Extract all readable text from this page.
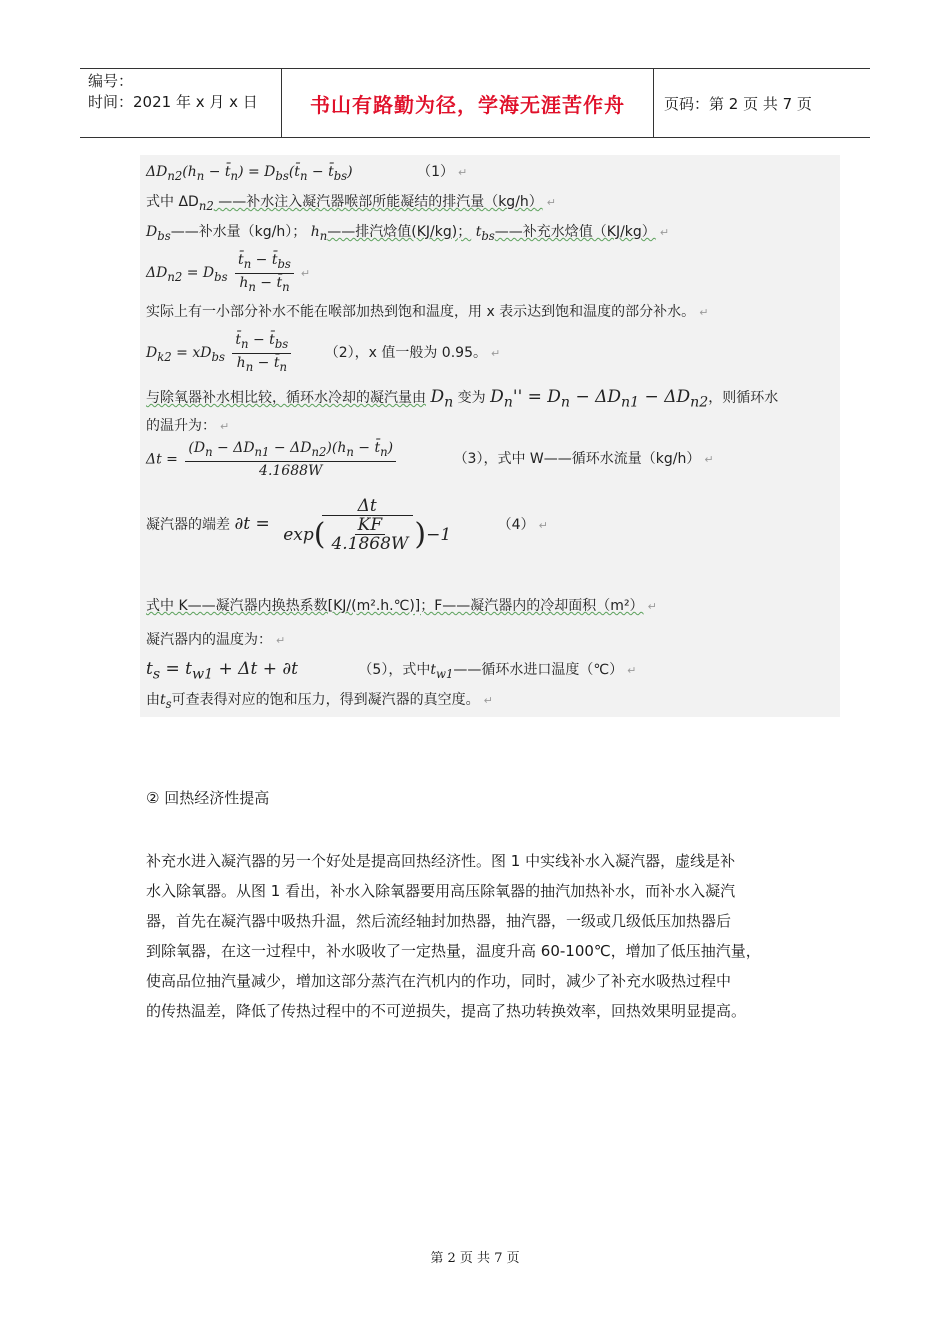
编号：
时间：2021 年 x 月 x 日	书山有路勤为径，学海无涯苦作舟	页码：第 2 页 共 7 页
$\Delta D_{n2}(h_n$ − $t̄_n$) = $D_{bs}(t̄_n$ − $t̄_{bs}$)	（1） ↵
式中 $\Delta D_{n2}$ ——补水注入凝汽器喉部所能凝结的排汽量（kg/h） ↵
$D_{bs}——$补水量（kg/h）； $h_n——$排汽焓值(KJ/kg)； $t_{bs}——$补充水焓值（KJ/kg） ↵
$\Delta D_{n2} = D_{bs} \frac{t̄_n - t̄_{bs}}{h_n - t̄_n}$ ↵
实际上有一小部分补水不能在喉部加热到饱和温度，用 x 表示达到饱和温度的部分补水。 ↵
$D_{k2} = xD_{bs} \frac{t̄_n - t̄_{bs}}{h_n - t̄_n} (2)$，x 值一般为 0.95。 ↵
与除氧器补水相比较，循环水冷却的凝汽量由 $D_n$ 变为 $D_n'' = D_n - \Delta D_{n1} - \Delta D_{n2}$，则循环水
的温升为： ↵
$\Delta t = \frac{(D_n - \Delta D_{n1} - \Delta D_{n2})(h_n - t̄_n)}{4.1688W}$	（3），式中 W——循环水流量（kg/h） ↵
凝汽器的端差 $\partial t = \frac{\Delta t}{\exp ( \frac{KF}{4.1868W} ) -1}$	（4） ↵
式中 K——凝汽器内换热系数[KJ/(m².h.℃)]；F——凝汽器内的冷却面积（m²） ↵
凝汽器内的温度为： ↵
$t_s = t_{w1} + \Delta t + \partial t$	（5），式中$t_{w1}——$循环水进口温度（℃） ↵
由$t_s$可查表得对应的饱和压力，得到凝汽器的真空度。 ↵
② 回热经济性提高
补充水进入凝汽器的另一个好处是提高回热经济性。图 1 中实线补水入凝汽器，虚线是补
水入除氧器。从图 1 看出，补水入除氧器要用高压除氧器的抽汽加热补水，而补水入凝汽
器，首先在凝汽器中吸热升温，然后流经轴封加热器，抽汽器，一级或几级低压加热器后
到除氧器，在这一过程中，补水吸收了一定热量，温度升高 60-100℃，增加了低压抽汽量，
使高品位抽汽量减少，增加这部分蒸汽在汽机内的作功，同时，减少了补充水吸热过程中
的传热温差，降低了传热过程中的不可逆损失，提高了热功转换效率，回热效果明显提高。
第 2 页 共 7 页
